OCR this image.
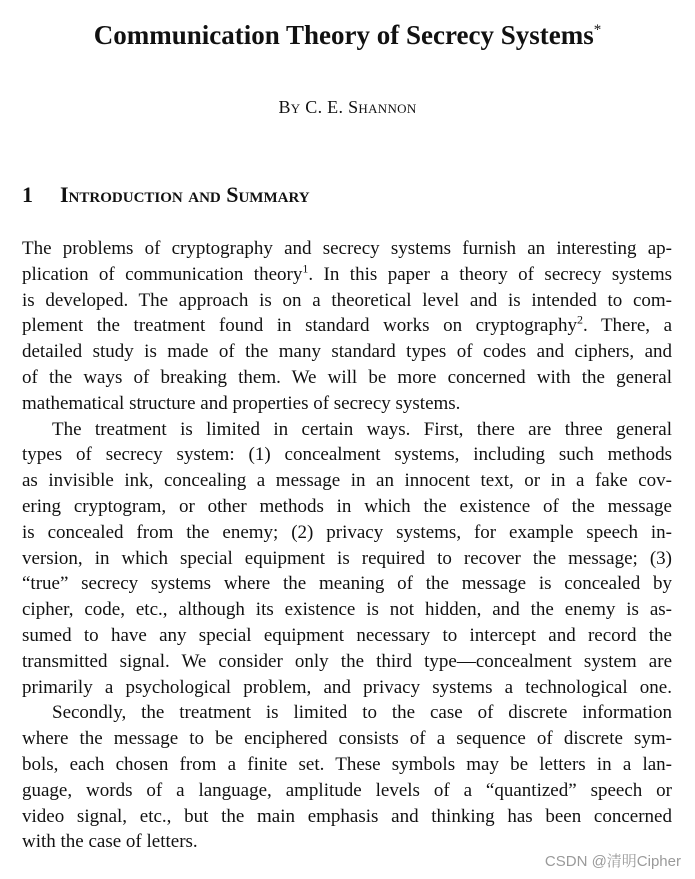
Communication Theory of Secrecy Systems*
By C. E. Shannon
1 Introduction and Summary
The problems of cryptography and secrecy systems furnish an interesting ap-
plication of communication theory$^1$. In this paper a theory of secrecy systems
is developed. The approach is on a theoretical level and is intended to com-
plement the treatment found in standard works on cryptography$^2$. There, a
detailed study is made of the many standard types of codes and ciphers, and
of the ways of breaking them. We will be more concerned with the general
mathematical structure and properties of secrecy systems.
The treatment is limited in certain ways. First, there are three general
types of secrecy system: (1) concealment systems, including such methods
as invisible ink, concealing a message in an innocent text, or in a fake cov-
ering cryptogram, or other methods in which the existence of the message
is concealed from the enemy; (2) privacy systems, for example speech in-
version, in which special equipment is required to recover the message; (3)
“true” secrecy systems where the meaning of the message is concealed by
cipher, code, etc., although its existence is not hidden, and the enemy is as-
sumed to have any special equipment necessary to intercept and record the
transmitted signal. We consider only the third type—concealment system are
primarily a psychological problem, and privacy systems a technological one.
Secondly, the treatment is limited to the case of discrete information
where the message to be enciphered consists of a sequence of discrete sym-
bols, each chosen from a finite set. These symbols may be letters in a lan-
guage, words of a language, amplitude levels of a “quantized” speech or
video signal, etc., but the main emphasis and thinking has been concerned
with the case of letters.
CSDN @清明Cipher
